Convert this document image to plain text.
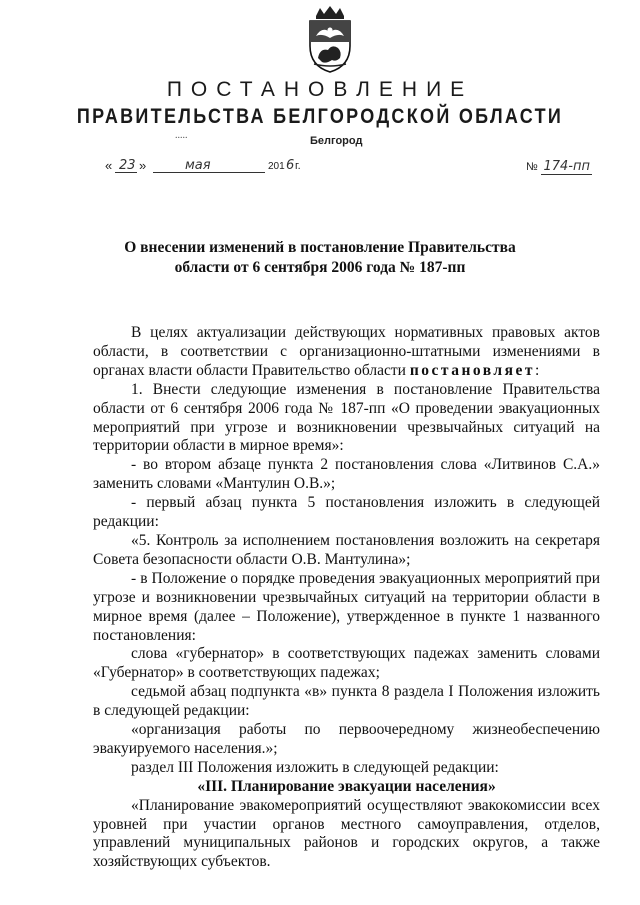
ПОСТАНОВЛЕНИЕ
ПРАВИТЕЛЬСТВА БЕЛГОРОДСКОЙ ОБЛАСТИ
.....	Белгород
« 23 »	мая	201 6 г.	№ 174-пп
О внесении изменений в постановление Правительства
области от 6 сентября 2006 года № 187-пп

В целях актуализации действующих нормативных правовых актов области, в соответствии с организационно-штатными изменениями в органах власти области Правительство области постановляет:

1. Внести следующие изменения в постановление Правительства области от 6 сентября 2006 года № 187-пп «О проведении эвакуационных мероприятий при угрозе и возникновении чрезвычайных ситуаций на территории области в мирное время»:

- во втором абзаце пункта 2 постановления слова «Литвинов С.А.» заменить словами «Мантулин О.В.»;

- первый абзац пункта 5 постановления изложить в следующей редакции:

«5. Контроль за исполнением постановления возложить на секретаря Совета безопасности области О.В. Мантулина»;

- в Положение о порядке проведения эвакуационных мероприятий при угрозе и возникновении чрезвычайных ситуаций на территории области в мирное время (далее – Положение), утвержденное в пункте 1 названного постановления:

слова «губернатор» в соответствующих падежах заменить словами «Губернатор» в соответствующих падежах;

седьмой абзац подпункта «в» пункта 8 раздела I Положения изложить в следующей редакции:

«организация работы по первоочередному жизнеобеспечению эвакуируемого населения.»;

раздел III Положения изложить в следующей редакции:

«III. Планирование эвакуации населения»

«Планирование эвакомероприятий осуществляют эвакокомиссии всех уровней при участии органов местного самоуправления, отделов, управлений муниципальных районов и городских округов, а также хозяйствующих субъектов.
